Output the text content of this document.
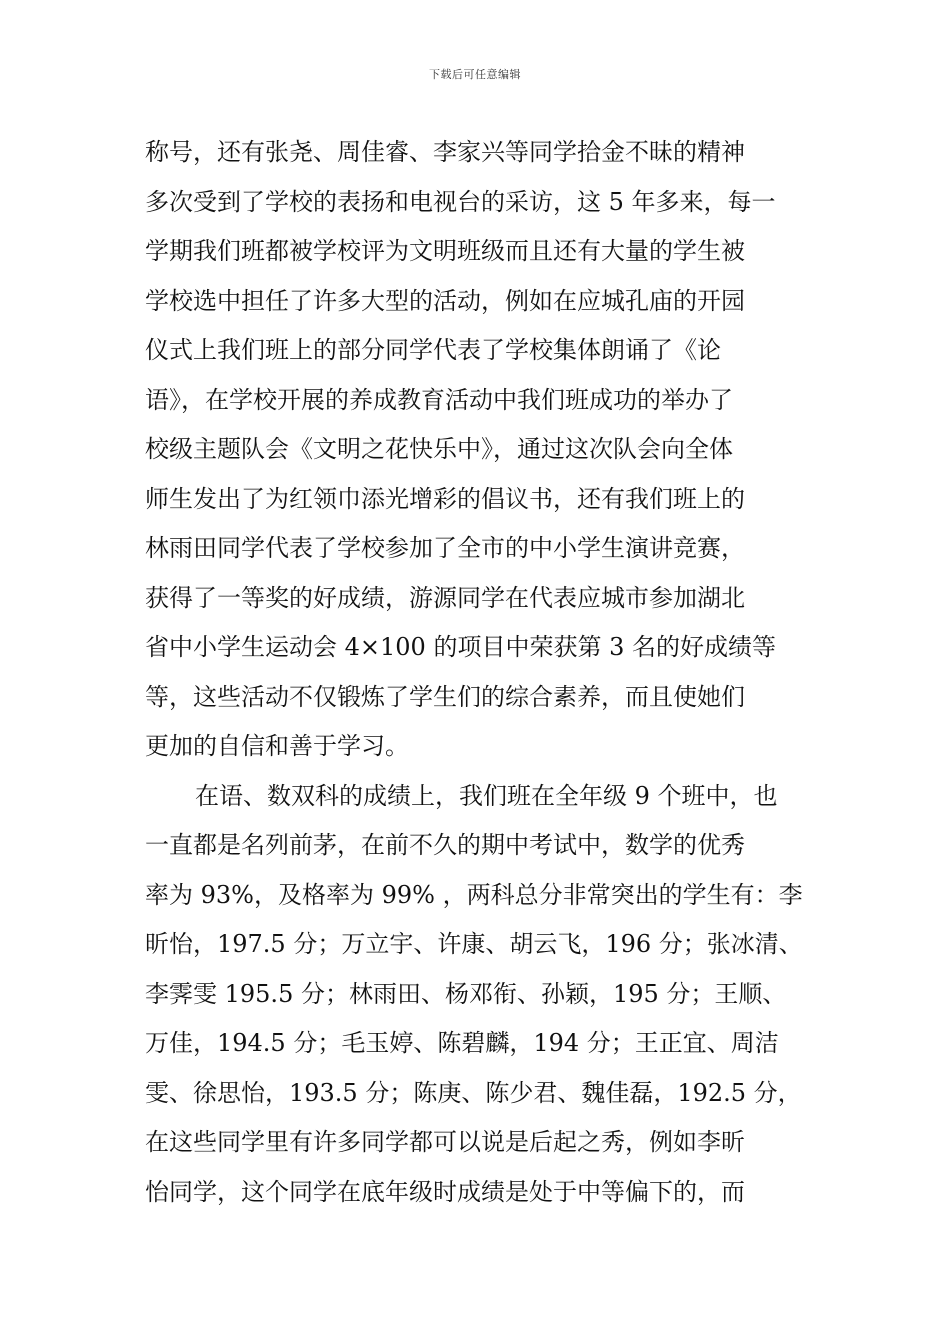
下载后可任意编辑
称号，还有张尧、周佳睿、李家兴等同学拾金不昧的精神
多次受到了学校的表扬和电视台的采访，这 5 年多来，每一
学期我们班都被学校评为文明班级而且还有大量的学生被
学校选中担任了许多大型的活动，例如在应城孔庙的开园
仪式上我们班上的部分同学代表了学校集体朗诵了《论
语》，在学校开展的养成教育活动中我们班成功的举办了
校级主题队会《文明之花快乐中》，通过这次队会向全体
师生发出了为红领巾添光增彩的倡议书，还有我们班上的
林雨田同学代表了学校参加了全市的中小学生演讲竞赛，
获得了一等奖的好成绩，游源同学在代表应城市参加湖北
省中小学生运动会 4×100 的项目中荣获第 3 名的好成绩等
等，这些活动不仅锻炼了学生们的综合素养，而且使她们
更加的自信和善于学习。
在语、数双科的成绩上，我们班在全年级 9 个班中，也
一直都是名列前茅，在前不久的期中考试中，数学的优秀
率为 93%，及格率为 99% ，两科总分非常突出的学生有：李
昕怡，197.5 分；万立宇、许康、胡云飞，196 分；张冰清、
李霁雯 195.5 分；林雨田、杨邓衔、孙颖，195 分；王顺、
万佳，194.5 分；毛玉婷、陈碧麟，194 分；王正宜、周洁
雯、徐思怡，193.5 分；陈庚、陈少君、魏佳磊，192.5 分，
在这些同学里有许多同学都可以说是后起之秀，例如李昕
怡同学，这个同学在底年级时成绩是处于中等偏下的，而
